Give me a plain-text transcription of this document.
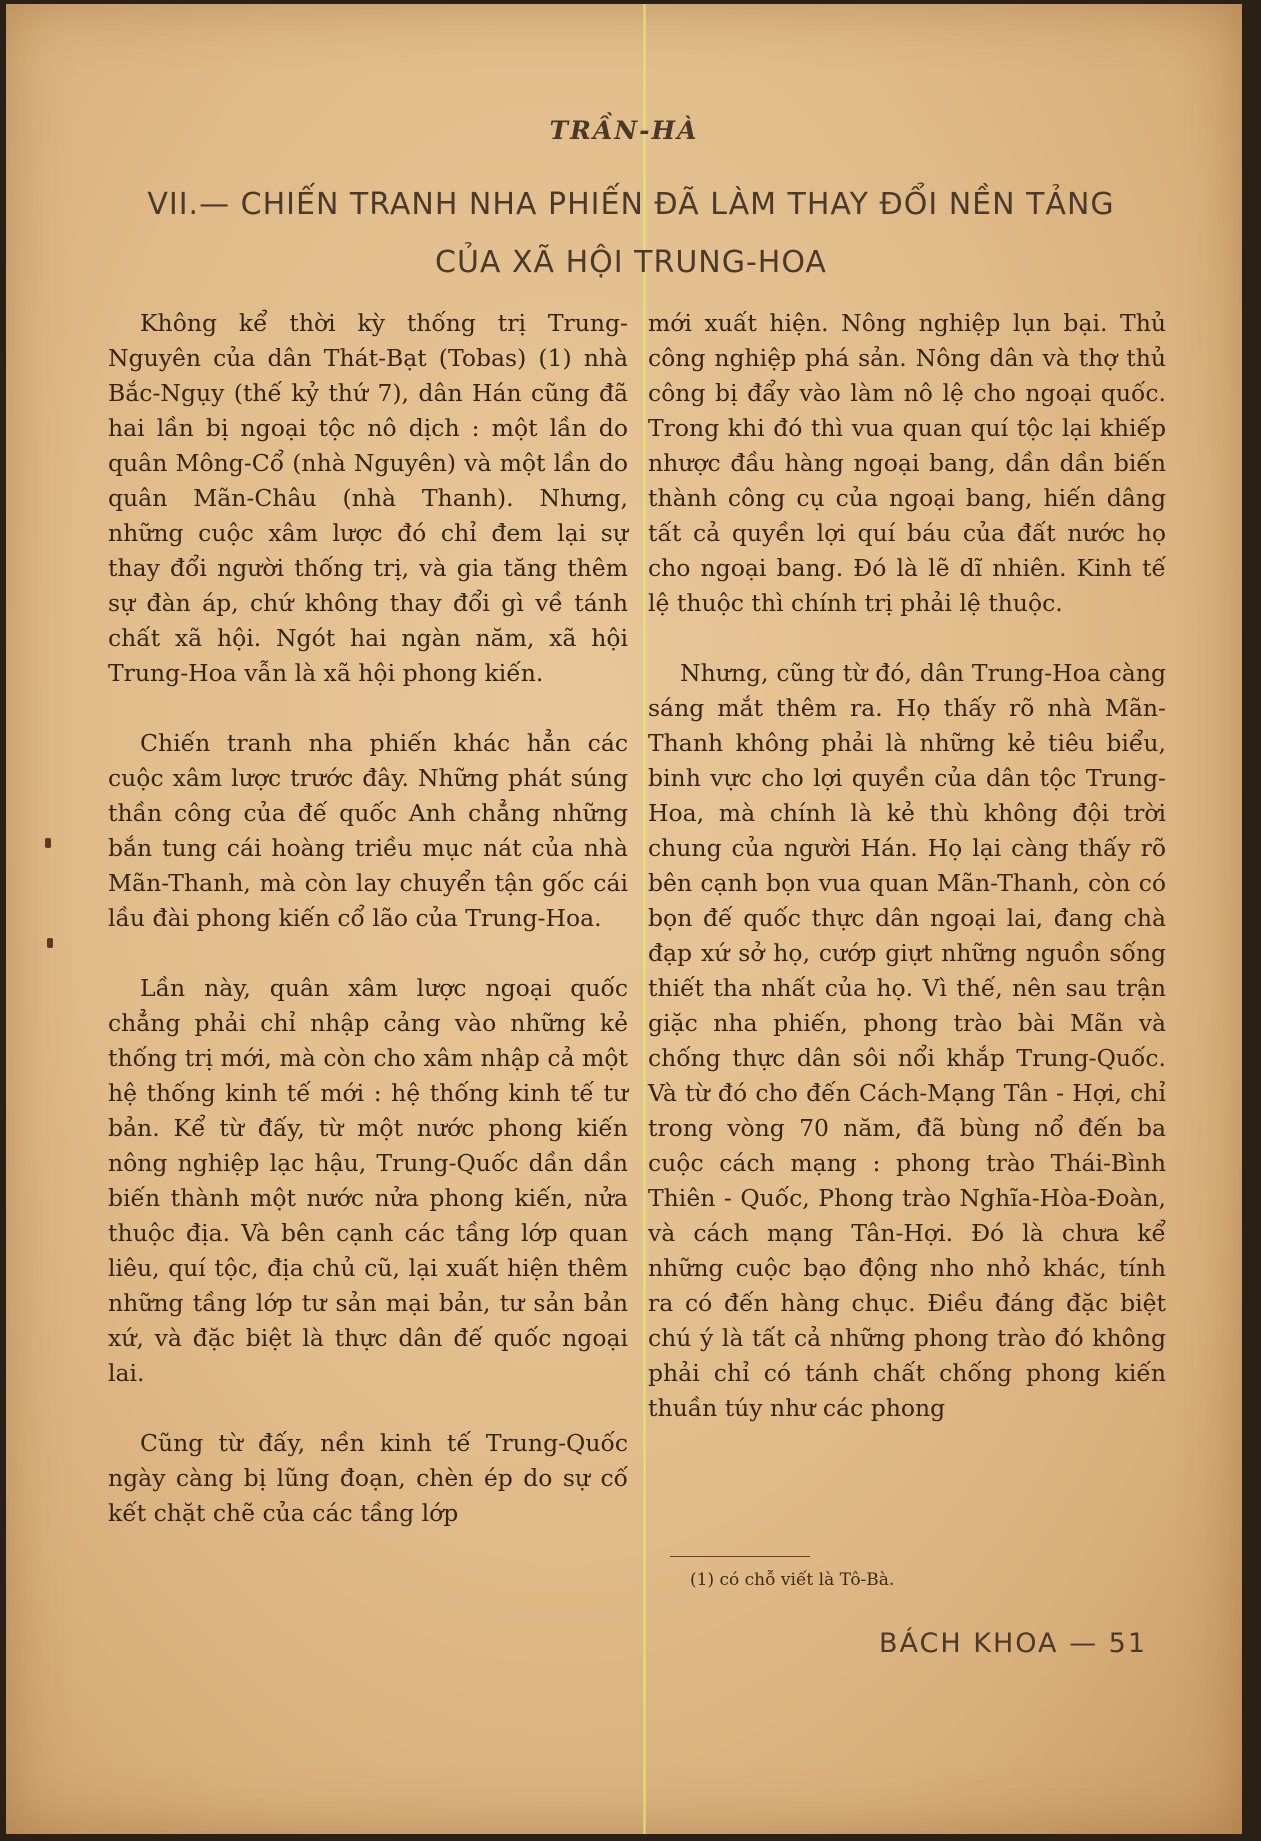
TRẦN-HÀ
VII.— CHIẾN TRANH NHA PHIẾN ĐÃ LÀM THAY ĐỔI NỀN TẢNG
CỦA XÃ HỘI TRUNG-HOA

Không kể thời kỳ thống trị Trung-Nguyên của dân Thát-Bạt (Tobas) (1) nhà Bắc-Ngụy (thế kỷ thứ 7), dân Hán cũng đã hai lần bị ngoại tộc nô dịch : một lần do quân Mông-Cổ (nhà Nguyên) và một lần do quân Mãn-Châu (nhà Thanh). Nhưng, những cuộc xâm lược đó chỉ đem lại sự thay đổi người thống trị, và gia tăng thêm sự đàn áp, chứ không thay đổi gì về tánh chất xã hội. Ngót hai ngàn năm, xã hội Trung-Hoa vẫn là xã hội phong kiến.

Chiến tranh nha phiến khác hẳn các cuộc xâm lược trước đây. Những phát súng thần công của đế quốc Anh chẳng những bắn tung cái hoàng triều mục nát của nhà Mãn-Thanh, mà còn lay chuyển tận gốc cái lầu đài phong kiến cổ lão của Trung-Hoa.

Lần này, quân xâm lược ngoại quốc chẳng phải chỉ nhập cảng vào những kẻ thống trị mới, mà còn cho xâm nhập cả một hệ thống kinh tế mới : hệ thống kinh tế tư bản. Kể từ đấy, từ một nước phong kiến nông nghiệp lạc hậu, Trung-Quốc dần dần biến thành một nước nửa phong kiến, nửa thuộc địa. Và bên cạnh các tầng lớp quan liêu, quí tộc, địa chủ cũ, lại xuất hiện thêm những tầng lớp tư sản mại bản, tư sản bản xứ, và đặc biệt là thực dân đế quốc ngoại lai.

Cũng từ đấy, nền kinh tế Trung-Quốc ngày càng bị lũng đoạn, chèn ép do sự cố kết chặt chẽ của các tầng lớp

mới xuất hiện. Nông nghiệp lụn bại. Thủ công nghiệp phá sản. Nông dân và thợ thủ công bị đẩy vào làm nô lệ cho ngoại quốc. Trong khi đó thì vua quan quí tộc lại khiếp nhược đầu hàng ngoại bang, dần dần biến thành công cụ của ngoại bang, hiến dâng tất cả quyền lợi quí báu của đất nước họ cho ngoại bang. Đó là lẽ dĩ nhiên. Kinh tế lệ thuộc thì chính trị phải lệ thuộc.

Nhưng, cũng từ đó, dân Trung-Hoa càng sáng mắt thêm ra. Họ thấy rõ nhà Mãn-Thanh không phải là những kẻ tiêu biểu, binh vực cho lợi quyền của dân tộc Trung-Hoa, mà chính là kẻ thù không đội trời chung của người Hán. Họ lại càng thấy rõ bên cạnh bọn vua quan Mãn-Thanh, còn có bọn đế quốc thực dân ngoại lai, đang chà đạp xứ sở họ, cướp giựt những nguồn sống thiết tha nhất của họ. Vì thế, nên sau trận giặc nha phiến, phong trào bài Mãn và chống thực dân sôi nổi khắp Trung-Quốc. Và từ đó cho đến Cách-Mạng Tân - Hợi, chỉ trong vòng 70 năm, đã bùng nổ đến ba cuộc cách mạng : phong trào Thái-Bình Thiên - Quốc, Phong trào Nghĩa-Hòa-Đoàn, và cách mạng Tân-Hợi. Đó là chưa kể những cuộc bạo động nho nhỏ khác, tính ra có đến hàng chục. Điều đáng đặc biệt chú ý là tất cả những phong trào đó không phải chỉ có tánh chất chống phong kiến thuần túy như các phong

(1) có chỗ viết là Tô-Bà.
BÁCH KHOA — 51
